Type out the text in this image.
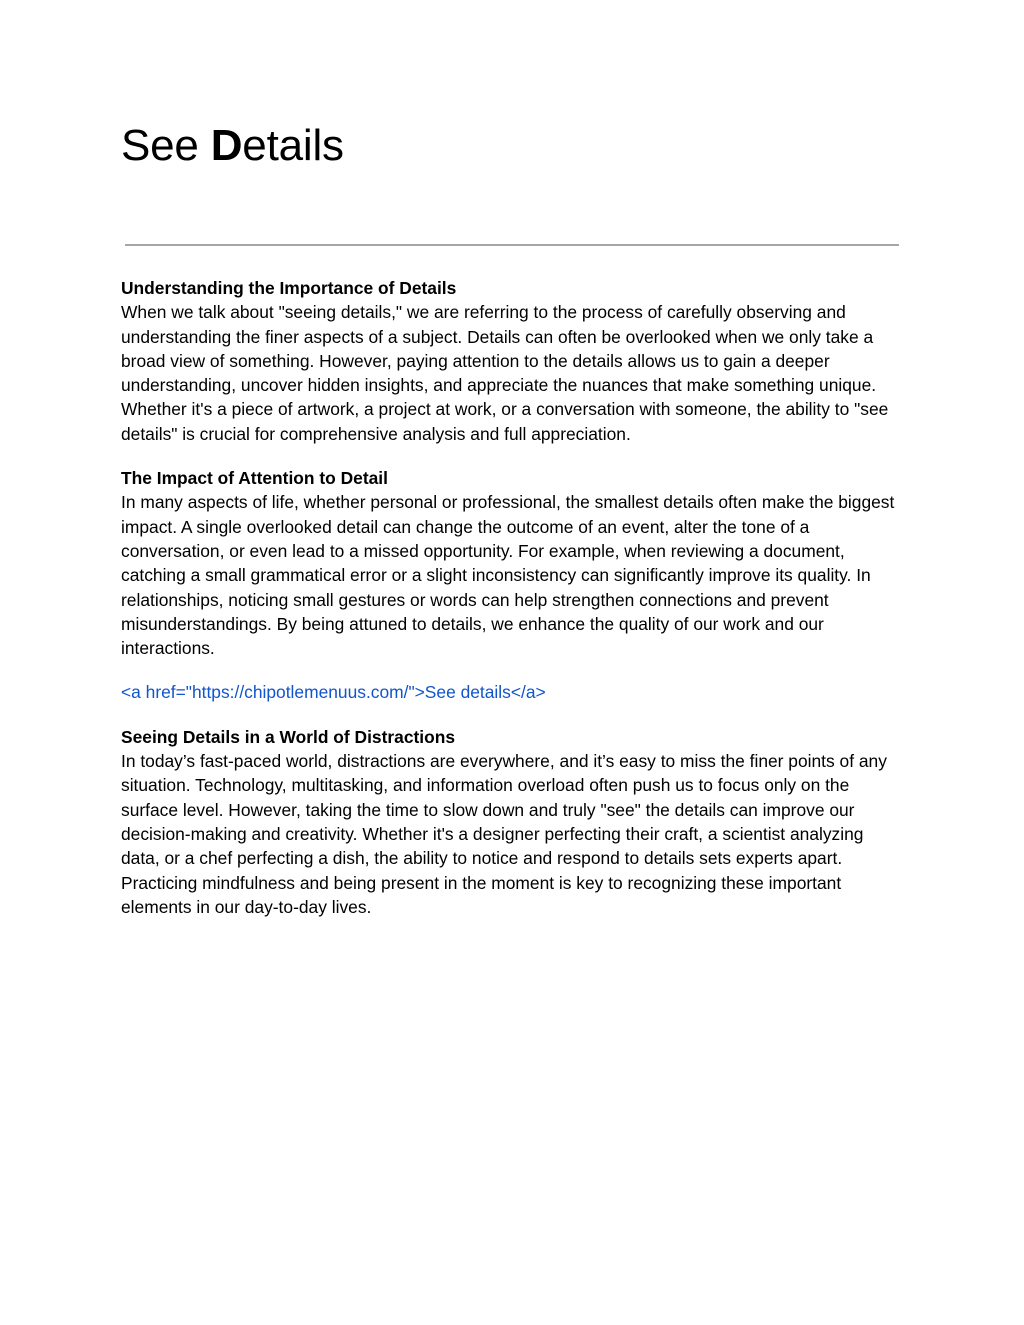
See Details
Understanding the Importance of Details

When we talk about "seeing details," we are referring to the process of carefully observing and understanding the finer aspects of a subject. Details can often be overlooked when we only take a broad view of something. However, paying attention to the details allows us to gain a deeper understanding, uncover hidden insights, and appreciate the nuances that make something unique. Whether it's a piece of artwork, a project at work, or a conversation with someone, the ability to "see details" is crucial for comprehensive analysis and full appreciation.

The Impact of Attention to Detail

In many aspects of life, whether personal or professional, the smallest details often make the biggest impact. A single overlooked detail can change the outcome of an event, alter the tone of a conversation, or even lead to a missed opportunity. For example, when reviewing a document, catching a small grammatical error or a slight inconsistency can significantly improve its quality. In relationships, noticing small gestures or words can help strengthen connections and prevent misunderstandings. By being attuned to details, we enhance the quality of our work and our interactions.

<a href="https://chipotlemenuus.com/">See details</a>
Seeing Details in a World of Distractions

In today’s fast-paced world, distractions are everywhere, and it’s easy to miss the finer points of any situation. Technology, multitasking, and information overload often push us to focus only on the surface level. However, taking the time to slow down and truly "see" the details can improve our decision-making and creativity. Whether it's a designer perfecting their craft, a scientist analyzing data, or a chef perfecting a dish, the ability to notice and respond to details sets experts apart. Practicing mindfulness and being present in the moment is key to recognizing these important elements in our day-to-day lives.
